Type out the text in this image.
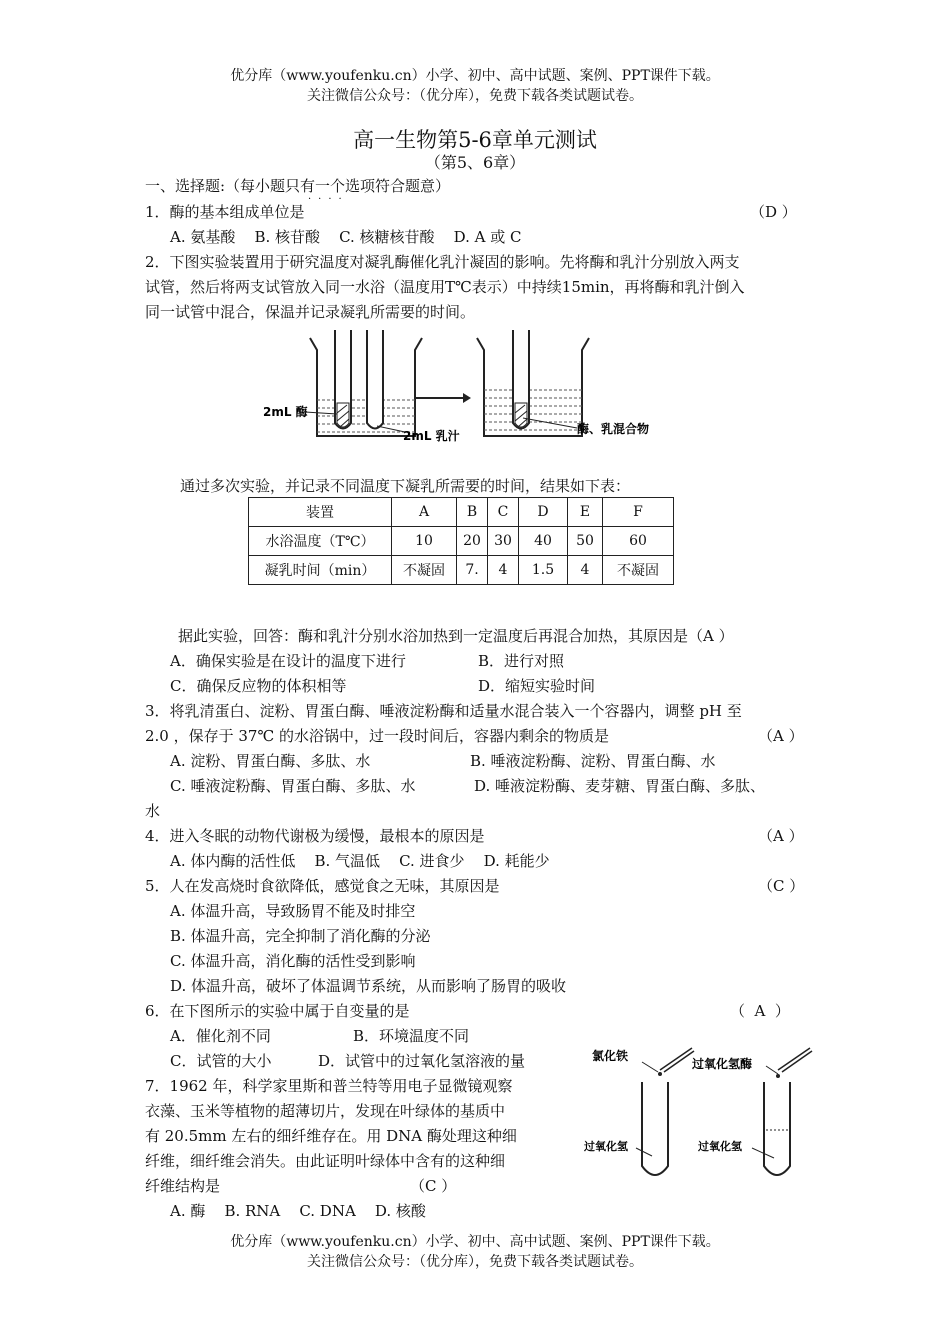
优分库（www.youfenku.cn）小学、初中、高中试题、案例、PPT课件下载。
关注微信公众号：（优分库），免费下载各类试题试卷。
高一生物第5-6章单元测试
（第5、6章）
一、选择题:（每小题只有一个选项符合题意）
····
1．酶的基本组成单位是	（D ）
A. 氨基酸    B. 核苷酸    C. 核糖核苷酸    D. A 或 C
2．下图实验装置用于研究温度对凝乳酶催化乳汁凝固的影响。先将酶和乳汁分别放入两支
试管，然后将两支试管放入同一水浴（温度用T℃表示）中持续15min，再将酶和乳汁倒入
同一试管中混合，保温并记录凝乳所需要的时间。
2mL 酶
2mL 乳汁	酶、乳混合物
通过多次实验，并记录不同温度下凝乳所需要的时间，结果如下表：
装置	A	B	C	D	E	F
水浴温度（T℃）	10	20	30	40	50	60
凝乳时间（min）	不凝固	7.	4	1.5	4	不凝固
据此实验，回答：酶和乳汁分别水浴加热到一定温度后再混合加热，其原因是（A ）
A．确保实验是在设计的温度下进行	B．进行对照
C．确保反应物的体积相等	D．缩短实验时间
3．将乳清蛋白、淀粉、胃蛋白酶、唾液淀粉酶和适量水混合装入一个容器内，调整 pH 至
2.0 ，保存于 37℃ 的水浴锅中，过一段时间后，容器内剩余的物质是	（A ）
A. 淀粉、胃蛋白酶、多肽、水	B. 唾液淀粉酶、淀粉、胃蛋白酶、水
C. 唾液淀粉酶、胃蛋白酶、多肽、水	D. 唾液淀粉酶、麦芽糖、胃蛋白酶、多肽、
水
4．进入冬眠的动物代谢极为缓慢，最根本的原因是	（A ）
A. 体内酶的活性低    B. 气温低    C. 进食少    D. 耗能少
5．人在发高烧时食欲降低，感觉食之无味，其原因是	（C ）
A. 体温升高，导致肠胃不能及时排空
B. 体温升高，完全抑制了消化酶的分泌
C. 体温升高，消化酶的活性受到影响
D. 体温升高，破坏了体温调节系统，从而影响了肠胃的吸收
6．在下图所示的实验中属于自变量的是	（  A  ）
A．催化剂不同	B．环境温度不同
C．试管的大小	D．试管中的过氧化氢溶液的量	氯化铁
过氧化氢酶
过氧化氢	过氧化氢
7．1962 年，科学家里斯和普兰特等用电子显微镜观察
衣藻、玉米等植物的超薄切片，发现在叶绿体的基质中
有 20.5mm 左右的细纤维存在。用 DNA 酶处理这种细
纤维，细纤维会消失。由此证明叶绿体中含有的这种细
纤维结构是	（C ）
A. 酶    B. RNA    C. DNA    D. 核酸
优分库（www.youfenku.cn）小学、初中、高中试题、案例、PPT课件下载。
关注微信公众号：（优分库），免费下载各类试题试卷。
